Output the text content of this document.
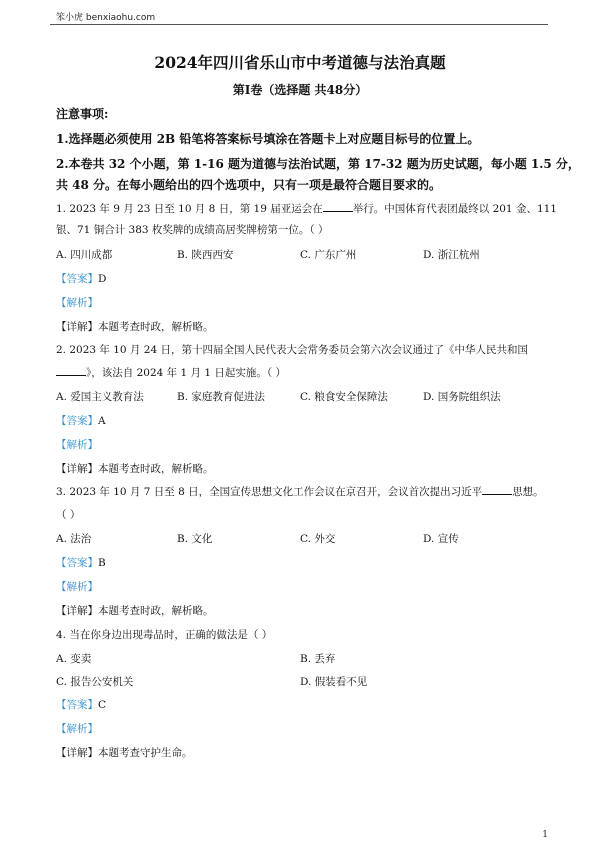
笨小虎 benxiaohu.com
2024年四川省乐山市中考道德与法治真题
第Ⅰ卷（选择题 共48分）
注意事项:
1.选择题必须使用 2B 铅笔将答案标号填涂在答题卡上对应题目标号的位置上。
2.本卷共 32 个小题，第 1-16 题为道德与法治试题，第 17-32 题为历史试题，每小题 1.5 分，
共 48 分。在每小题给出的四个选项中，只有一项是最符合题目要求的。
1. 2023 年 9 月 23 日至 10 月 8 日，第 19 届亚运会在	举行。中国体育代表团最终以 201 金、111
银、71 铜合计 383 枚奖牌的成绩高居奖牌榜第一位。（ ）
A. 四川成都	B. 陕西西安	C. 广东广州	D. 浙江杭州
【答案】D
【解析】
【详解】本题考查时政，解析略。
2. 2023 年 10 月 24 日，第十四届全国人民代表大会常务委员会第六次会议通过了《中华人民共和国
》，该法自 2024 年 1 月 1 日起实施。（ ）
A. 爱国主义教育法	B. 家庭教育促进法	C. 粮食安全保障法	D. 国务院组织法
【答案】A
【解析】
【详解】本题考查时政，解析略。
3. 2023 年 10 月 7 日至 8 日，全国宣传思想文化工作会议在京召开，会议首次提出习近平	思想。
（ ）
A. 法治	B. 文化	C. 外交	D. 宣传
【答案】B
【解析】
【详解】本题考查时政，解析略。
4. 当在你身边出现毒品时，正确的做法是（ ）
A. 变卖	B. 丢弃
C. 报告公安机关	D. 假装看不见
【答案】C
【解析】
【详解】本题考查守护生命。
1
